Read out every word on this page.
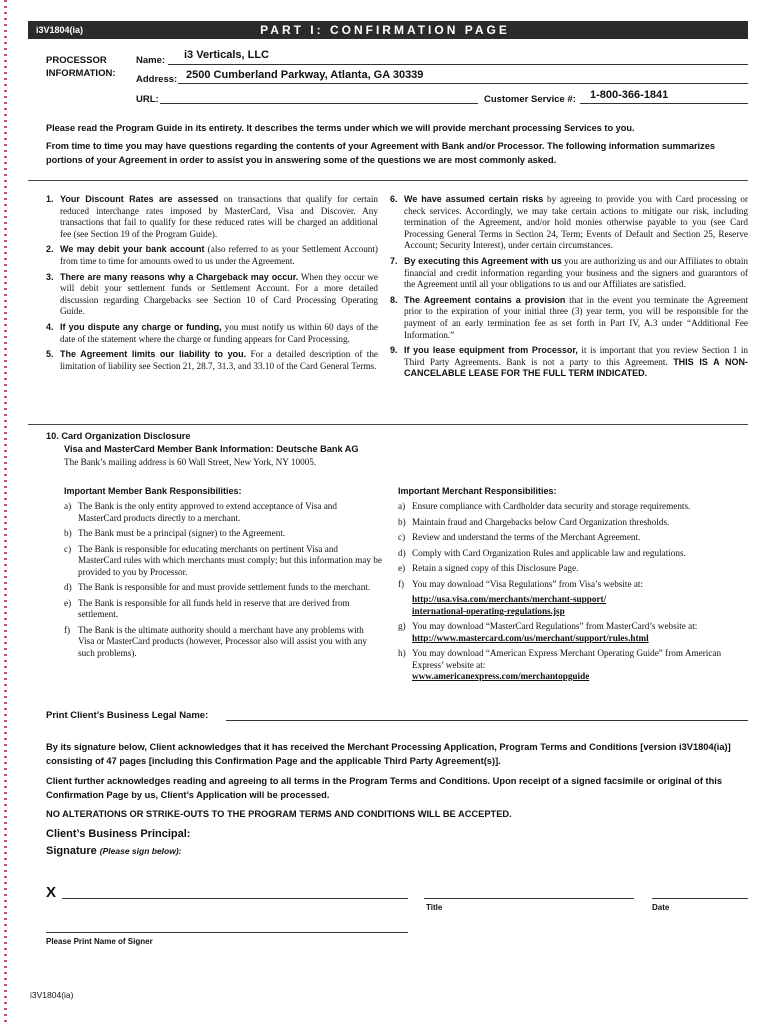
i3V1804(ia)	PART I: CONFIRMATION PAGE
PROCESSOR
INFORMATION:
Name: i3 Verticals, LLC
Address: 2500 Cumberland Parkway, Atlanta, GA 30339
URL:	Customer Service #: 1-800-366-1841
Please read the Program Guide in its entirety. It describes the terms under which we will provide merchant processing Services to you.
From time to time you may have questions regarding the contents of your Agreement with Bank and/or Processor. The following information summarizes portions of your Agreement in order to assist you in answering some of the questions we are most commonly asked.
1. Your Discount Rates are assessed on transactions that qualify for certain reduced interchange rates imposed by MasterCard, Visa and Discover. Any transactions that fail to qualify for these reduced rates will be charged an additional fee (see Section 19 of the Program Guide).
2. We may debit your bank account (also referred to as your Settlement Account) from time to time for amounts owed to us under the Agreement.
3. There are many reasons why a Chargeback may occur. When they occur we will debit your settlement funds or Settlement Account. For a more detailed discussion regarding Chargebacks see Section 10 of Card Processing Operating Guide.
4. If you dispute any charge or funding, you must notify us within 60 days of the date of the statement where the charge or funding appears for Card Processing.
5. The Agreement limits our liability to you. For a detailed description of the limitation of liability see Section 21, 28.7, 31.3, and 33.10 of the Card General Terms.
6. We have assumed certain risks by agreeing to provide you with Card processing or check services. Accordingly, we may take certain actions to mitigate our risk, including termination of the Agreement, and/or hold monies otherwise payable to you (see Card Processing General Terms in Section 24, Term; Events of Default and Section 25, Reserve Account; Security Interest), under certain circumstances.
7. By executing this Agreement with us you are authorizing us and our Affiliates to obtain financial and credit information regarding your business and the signers and guarantors of the Agreement until all your obligations to us and our Affiliates are satisfied.
8. The Agreement contains a provision that in the event you terminate the Agreement prior to the expiration of your initial three (3) year term, you will be responsible for the payment of an early termination fee as set forth in Part IV, A.3 under “Additional Fee Information.”
9. If you lease equipment from Processor, it is important that you review Section 1 in Third Party Agreements. Bank is not a party to this Agreement. THIS IS A NON-CANCELABLE LEASE FOR THE FULL TERM INDICATED.
10. Card Organization Disclosure
Visa and MasterCard Member Bank Information: Deutsche Bank AG
The Bank’s mailing address is 60 Wall Street, New York, NY 10005.
Important Member Bank Responsibilities:
a) The Bank is the only entity approved to extend acceptance of Visa and MasterCard products directly to a merchant.
b) The Bank must be a principal (signer) to the Agreement.
c) The Bank is responsible for educating merchants on pertinent Visa and MasterCard rules with which merchants must comply; but this information may be provided to you by Processor.
d) The Bank is responsible for and must provide settlement funds to the merchant.
e) The Bank is responsible for all funds held in reserve that are derived from settlement.
f) The Bank is the ultimate authority should a merchant have any problems with Visa or MasterCard products (however, Processor also will assist you with any such problems).
Important Merchant Responsibilities:
a) Ensure compliance with Cardholder data security and storage requirements.
b) Maintain fraud and Chargebacks below Card Organization thresholds.
c) Review and understand the terms of the Merchant Agreement.
d) Comply with Card Organization Rules and applicable law and regulations.
e) Retain a signed copy of this Disclosure Page.
f) You may download “Visa Regulations” from Visa’s website at:
http://usa.visa.com/merchants/merchant-support/
international-operating-regulations.jsp
g) You may download “MasterCard Regulations” from MasterCard’s website at:
http://www.mastercard.com/us/merchant/support/rules.html
h) You may download “American Express Merchant Operating Guide” from American Express’ website at:
www.americanexpress.com/merchantopguide
Print Client’s Business Legal Name:
By its signature below, Client acknowledges that it has received the Merchant Processing Application, Program Terms and Conditions [version i3V1804(ia)] consisting of 47 pages [including this Confirmation Page and the applicable Third Party Agreement(s)].
Client further acknowledges reading and agreeing to all terms in the Program Terms and Conditions. Upon receipt of a signed facsimile or original of this Confirmation Page by us, Client’s Application will be processed.
NO ALTERATIONS OR STRIKE-OUTS TO THE PROGRAM TERMS AND CONDITIONS WILL BE ACCEPTED.
Client’s Business Principal:
Signature (Please sign below):
X
Title	Date
Please Print Name of Signer
i3V1804(ia)
